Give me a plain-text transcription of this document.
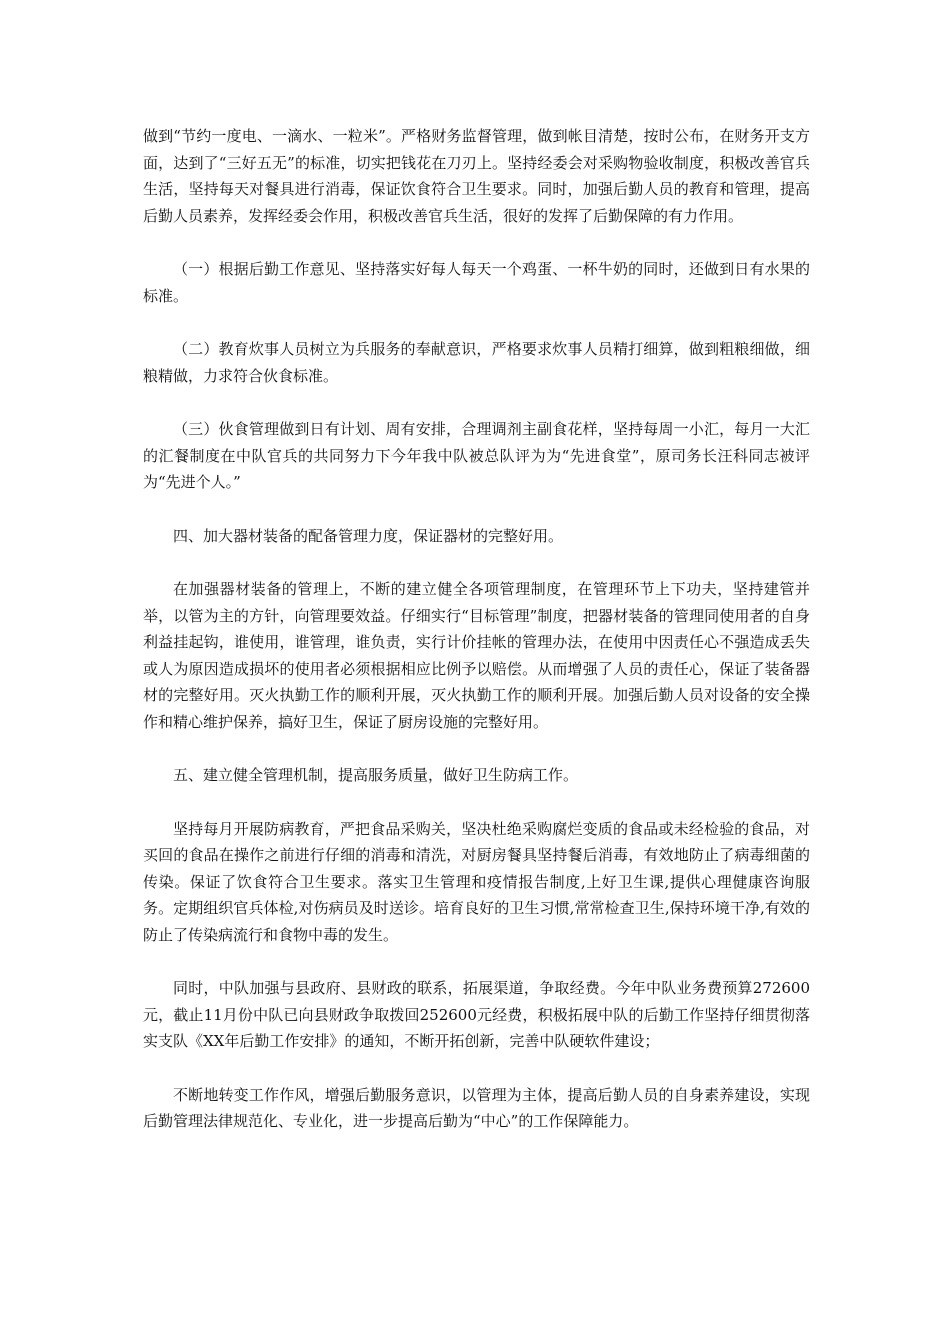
做到“节约一度电、一滴水、一粒米”。严格财务监督管理，做到帐目清楚，按时公布，在财务开支方面，达到了“三好五无”的标准，切实把钱花在刀刃上。坚持经委会对采购物验收制度，积极改善官兵生活，坚持每天对餐具进行消毒，保证饮食符合卫生要求。同时，加强后勤人员的教育和管理，提高后勤人员素养，发挥经委会作用，积极改善官兵生活，很好的发挥了后勤保障的有力作用。

（一）根据后勤工作意见、坚持落实好每人每天一个鸡蛋、一杯牛奶的同时，还做到日有水果的标准。

（二）教育炊事人员树立为兵服务的奉献意识，严格要求炊事人员精打细算，做到粗粮细做，细粮精做，力求符合伙食标准。

（三）伙食管理做到日有计划、周有安排，合理调剂主副食花样，坚持每周一小汇，每月一大汇的汇餐制度在中队官兵的共同努力下今年我中队被总队评为为“先进食堂”，原司务长汪科同志被评为“先进个人。”

四、加大器材装备的配备管理力度，保证器材的完整好用。

在加强器材装备的管理上，不断的建立健全各项管理制度，在管理环节上下功夫，坚持建管并举，以管为主的方针，向管理要效益。仔细实行“目标管理”制度，把器材装备的管理同使用者的自身利益挂起钩，谁使用，谁管理，谁负责，实行计价挂帐的管理办法，在使用中因责任心不强造成丢失或人为原因造成损坏的使用者必须根据相应比例予以赔偿。从而增强了人员的责任心，保证了装备器材的完整好用。灭火执勤工作的顺利开展，灭火执勤工作的顺利开展。加强后勤人员对设备的安全操作和精心维护保养，搞好卫生，保证了厨房设施的完整好用。

五、建立健全管理机制，提高服务质量，做好卫生防病工作。

坚持每月开展防病教育，严把食品采购关，坚决杜绝采购腐烂变质的食品或未经检验的食品，对买回的食品在操作之前进行仔细的消毒和清洗，对厨房餐具坚持餐后消毒，有效地防止了病毒细菌的传染。保证了饮食符合卫生要求。落实卫生管理和疫情报告制度,上好卫生课,提供心理健康咨询服务。定期组织官兵体检,对伤病员及时送诊。培育良好的卫生习惯,常常检查卫生,保持环境干净,有效的防止了传染病流行和食物中毒的发生。

同时，中队加强与县政府、县财政的联系，拓展渠道，争取经费。今年中队业务费预算272600元，截止11月份中队已向县财政争取拨回252600元经费，积极拓展中队的后勤工作坚持仔细贯彻落实支队《XX年后勤工作安排》的通知，不断开拓创新，完善中队硬软件建设；

不断地转变工作作风，增强后勤服务意识，以管理为主体，提高后勤人员的自身素养建设，实现后勤管理法律规范化、专业化，进一步提高后勤为“中心”的工作保障能力。
